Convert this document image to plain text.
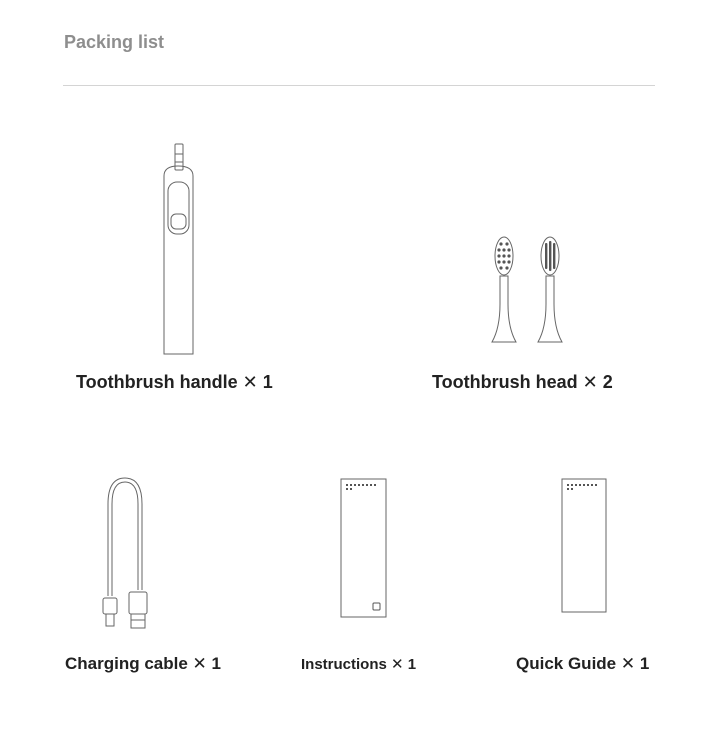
Packing list
Toothbrush handle ✕ 1	Toothbrush head ✕ 2
Charging cable ✕ 1	Instructions ✕ 1	Quick Guide ✕ 1
